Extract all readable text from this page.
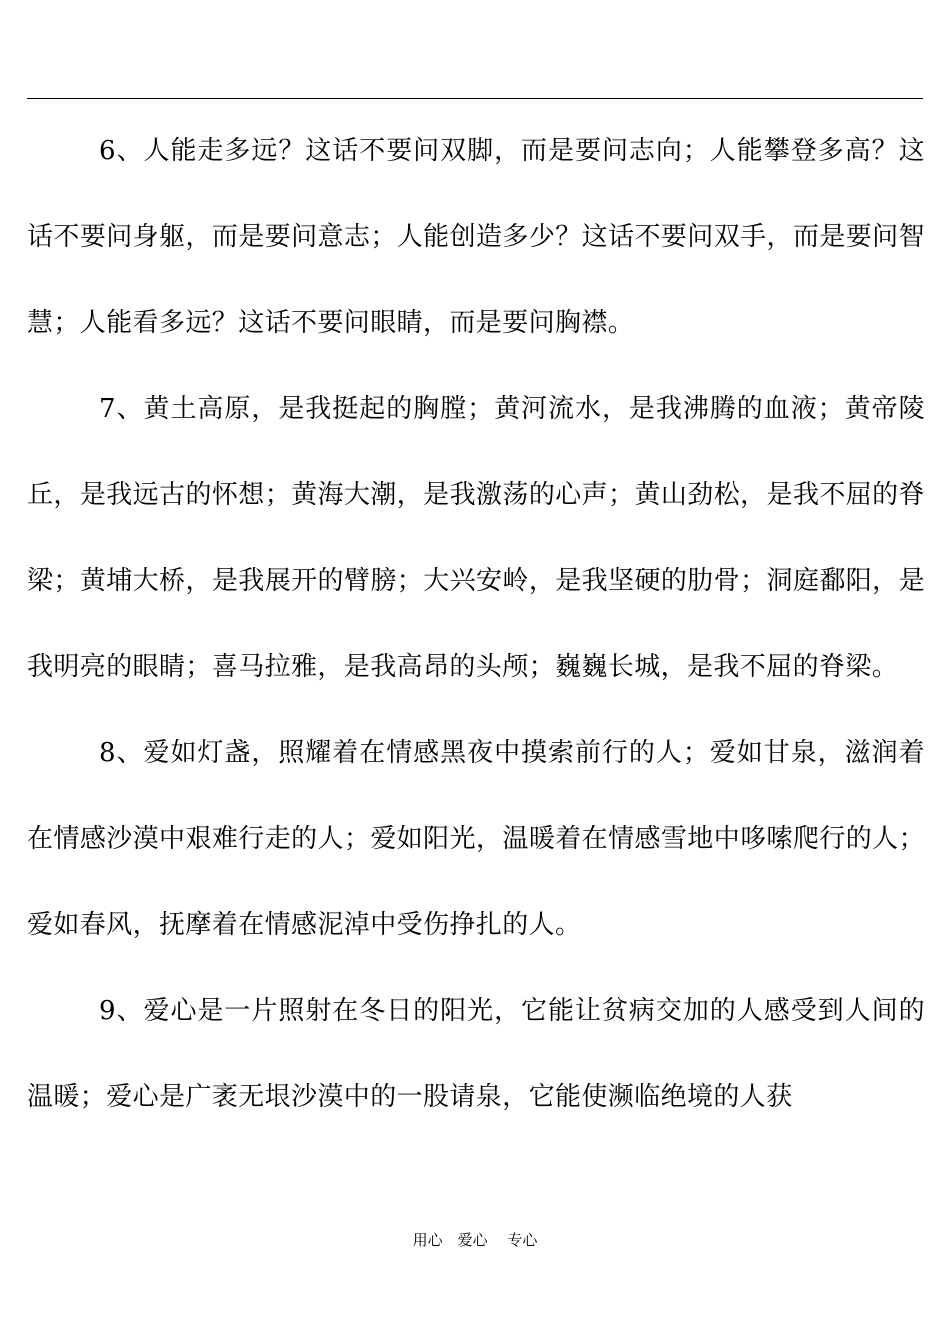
6、人能走多远？这话不要问双脚，而是要问志向；人能攀登多高？这话不要问身躯，而是要问意志；人能创造多少？这话不要问双手，而是要问智慧；人能看多远？这话不要问眼睛，而是要问胸襟。

7、黄土高原，是我挺起的胸膛；黄河流水，是我沸腾的血液；黄帝陵丘，是我远古的怀想；黄海大潮，是我激荡的心声；黄山劲松，是我不屈的脊梁；黄埔大桥，是我展开的臂膀；大兴安岭，是我坚硬的肋骨；洞庭鄱阳，是我明亮的眼睛；喜马拉雅，是我高昂的头颅；巍巍长城，是我不屈的脊梁。

8、爱如灯盏，照耀着在情感黑夜中摸索前行的人；爱如甘泉，滋润着在情感沙漠中艰难行走的人；爱如阳光，温暖着在情感雪地中哆嗦爬行的人；爱如春风，抚摩着在情感泥淖中受伤挣扎的人。

9、爱心是一片照射在冬日的阳光，它能让贫病交加的人感受到人间的温暖；爱心是广袤无垠沙漠中的一股请泉，它能使濒临绝境的人获

用心　爱心　 专心
